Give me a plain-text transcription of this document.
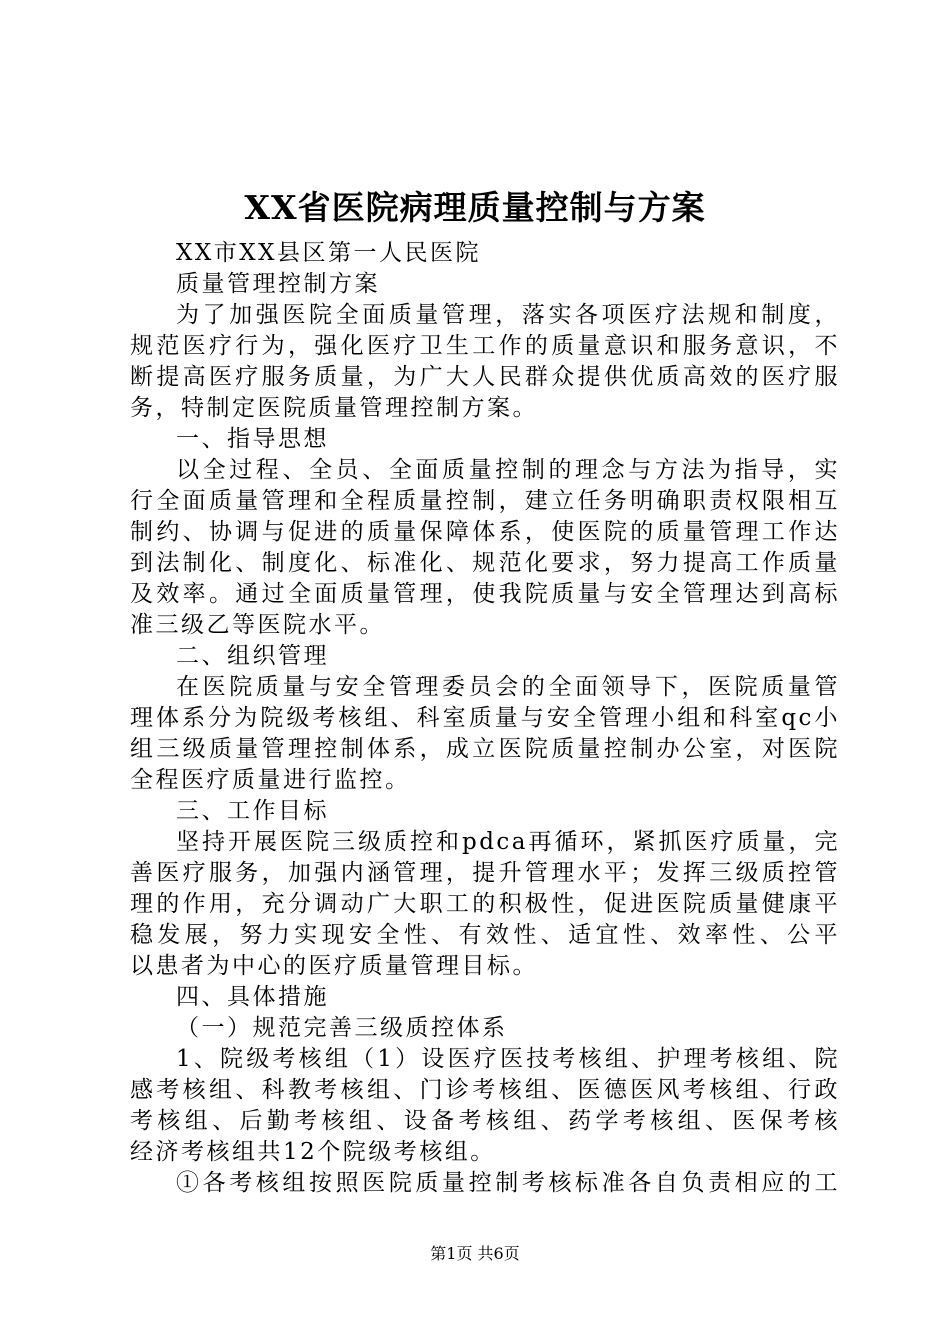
XX省医院病理质量控制与方案
XX市XX县区第一人民医院
质量管理控制方案
为了加强医院全面质量管理，落实各项医疗法规和制度，
规范医疗行为，强化医疗卫生工作的质量意识和服务意识，不
断提高医疗服务质量，为广大人民群众提供优质高效的医疗服
务，特制定医院质量管理控制方案。
一、指导思想
以全过程、全员、全面质量控制的理念与方法为指导，实
行全面质量管理和全程质量控制，建立任务明确职责权限相互
制约、协调与促进的质量保障体系，使医院的质量管理工作达
到法制化、制度化、标准化、规范化要求，努力提高工作质量
及效率。通过全面质量管理，使我院质量与安全管理达到高标
准三级乙等医院水平。
二、组织管理
在医院质量与安全管理委员会的全面领导下，医院质量管
理体系分为院级考核组、科室质量与安全管理小组和科室qc小
组三级质量管理控制体系，成立医院质量控制办公室，对医院
全程医疗质量进行监控。
三、工作目标
坚持开展医院三级质控和pdca再循环，紧抓医疗质量，完
善医疗服务，加强内涵管理，提升管理水平；发挥三级质控管
理的作用，充分调动广大职工的积极性，促进医院质量健康平
稳发展，努力实现安全性、有效性、适宜性、效率性、公平
以患者为中心的医疗质量管理目标。
四、具体措施
（一）规范完善三级质控体系
1、院级考核组（1）设医疗医技考核组、护理考核组、院
感考核组、科教考核组、门诊考核组、医德医风考核组、行政
考核组、后勤考核组、设备考核组、药学考核组、医保考核
经济考核组共12个院级考核组。
①各考核组按照医院质量控制考核标准各自负责相应的工
第1页 共6页
